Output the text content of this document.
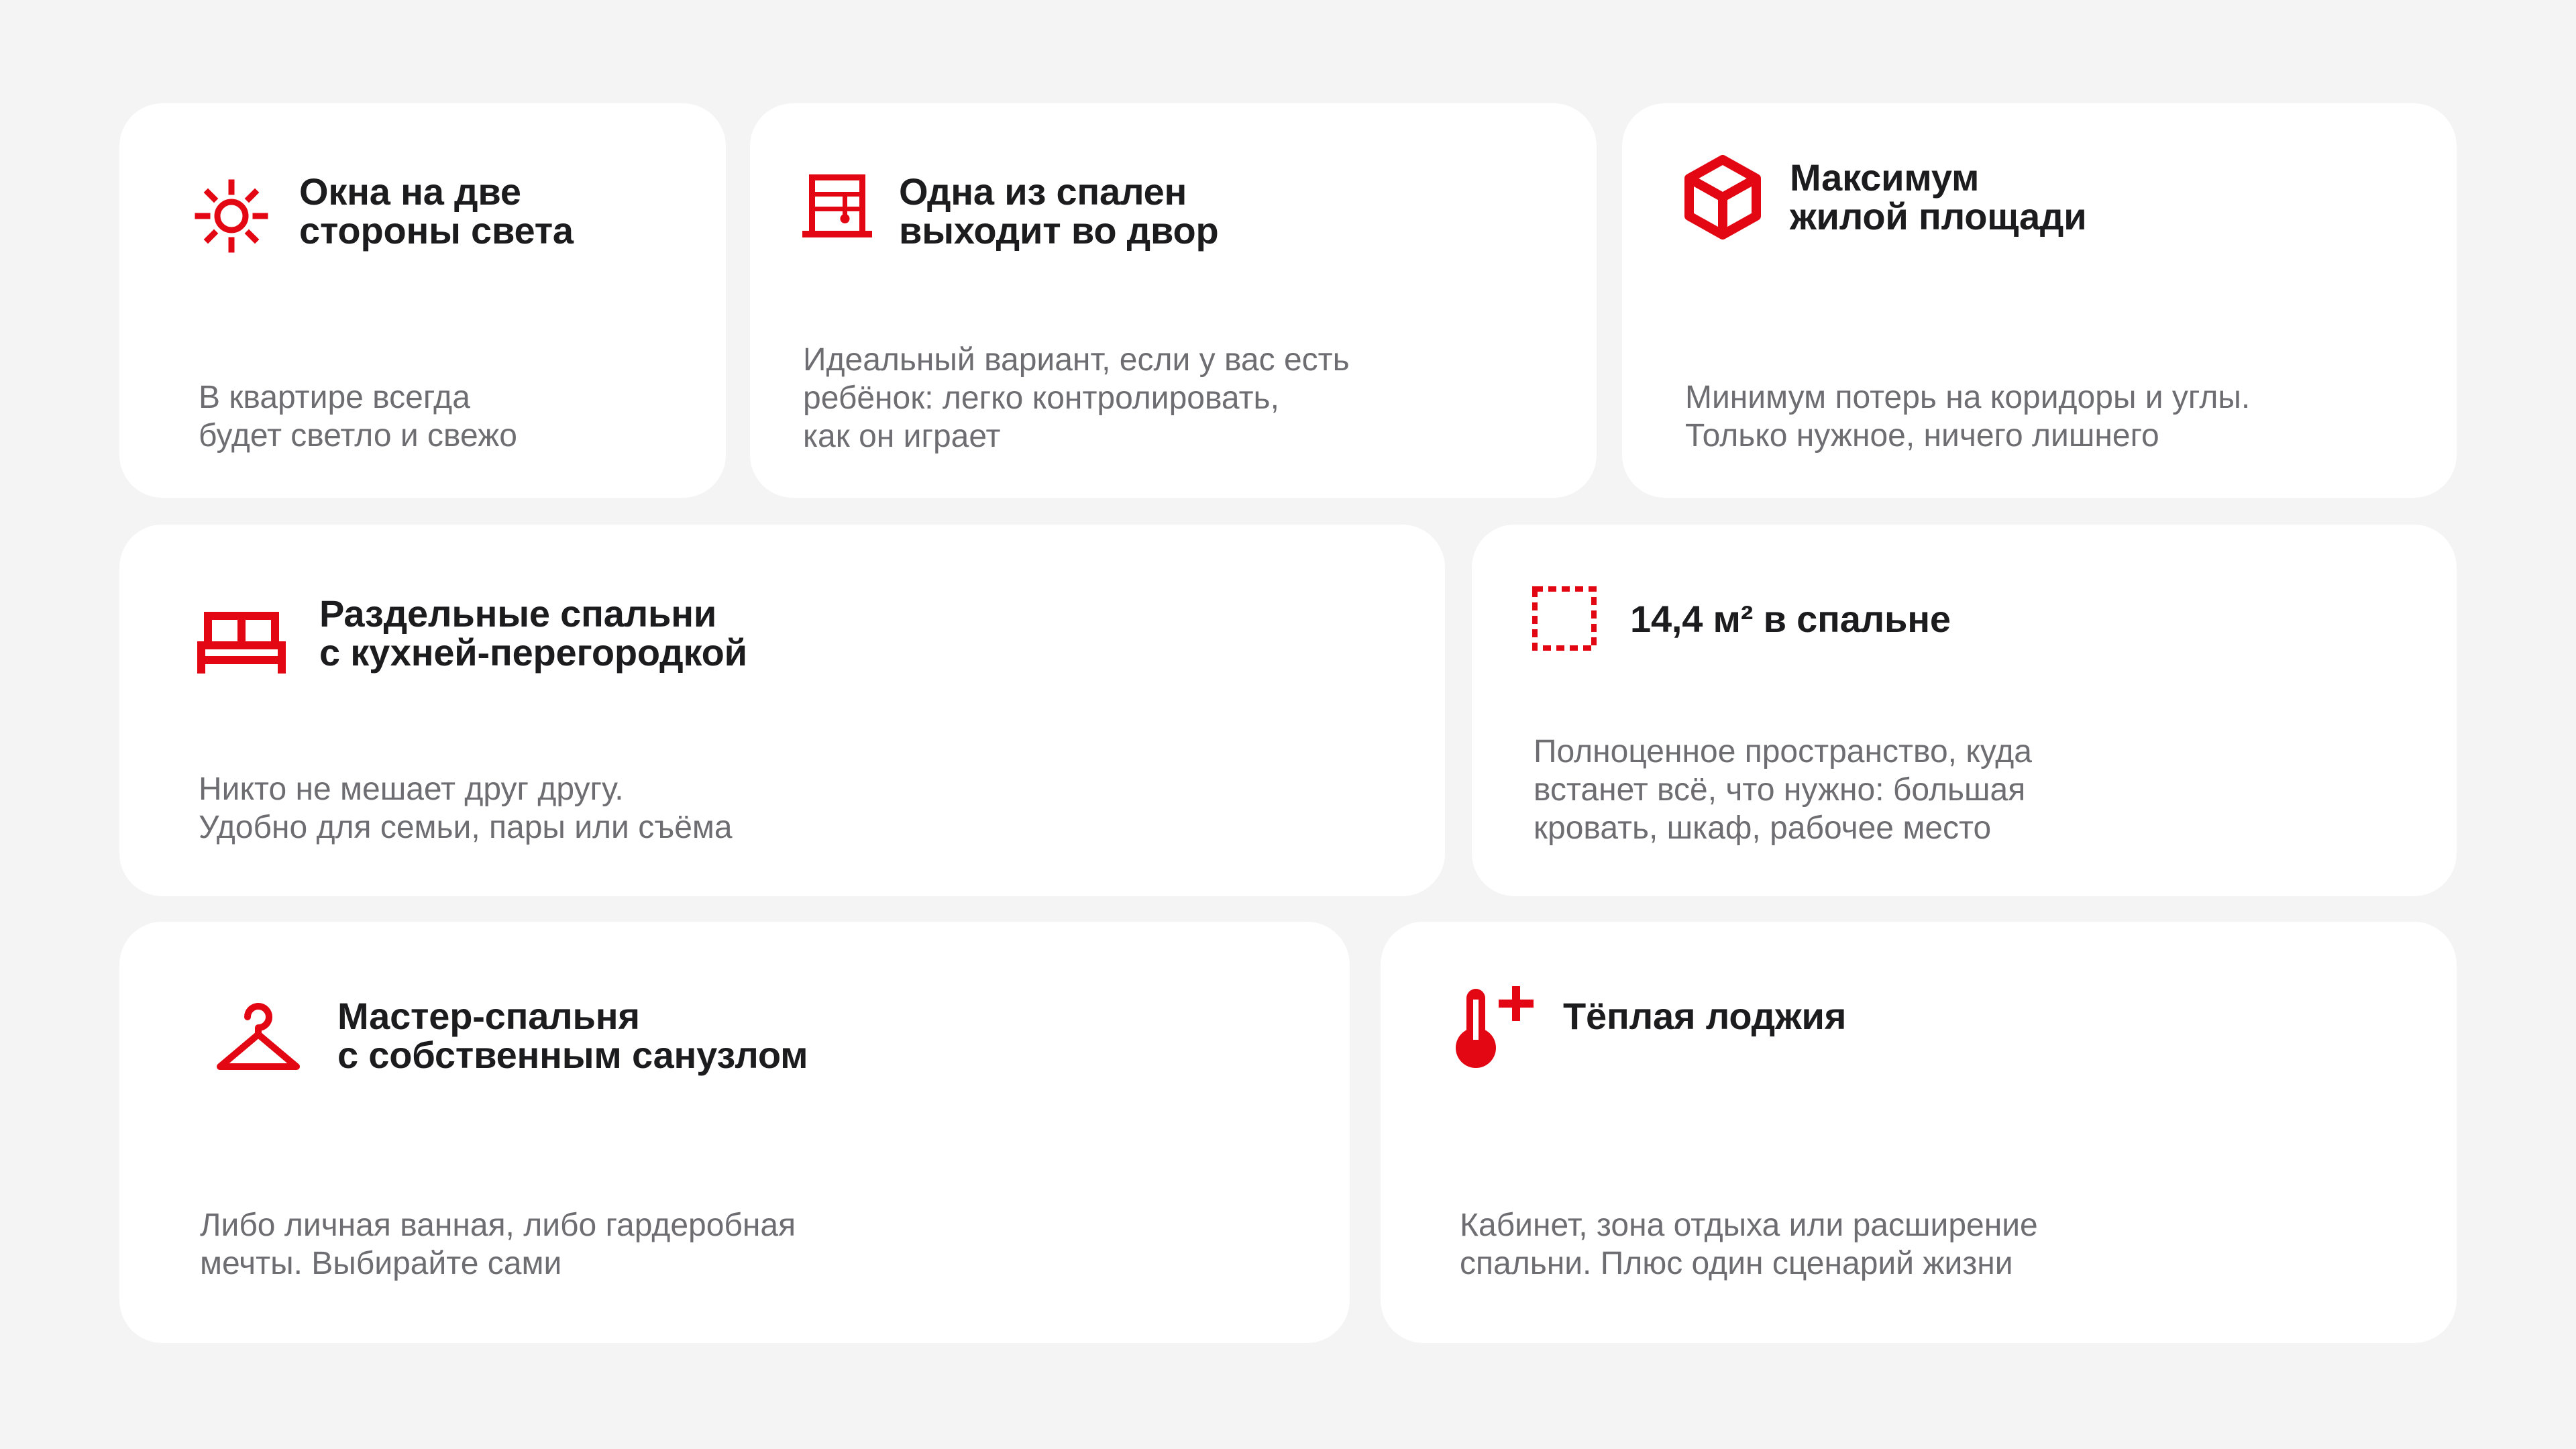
Окна на две
стороны света

В квартире всегда
будет светло и свежо

Одна из спален
выходит во двор

Идеальный вариант, если у вас есть
ребёнок: легко контролировать,
как он играет

Максимум
жилой площади

Минимум потерь на коридоры и углы.
Только нужное, ничего лишнего

Раздельные спальни
с кухней-перегородкой

Никто не мешает друг другу.
Удобно для семьи, пары или съёма

14,4 м² в спальне

Полноценное пространство, куда
встанет всё, что нужно: большая
кровать, шкаф, рабочее место

Мастер-спальня
с собственным санузлом

Либо личная ванная, либо гардеробная
мечты. Выбирайте сами

Тёплая лоджия

Кабинет, зона отдыха или расширение
спальни. Плюс один сценарий жизни
